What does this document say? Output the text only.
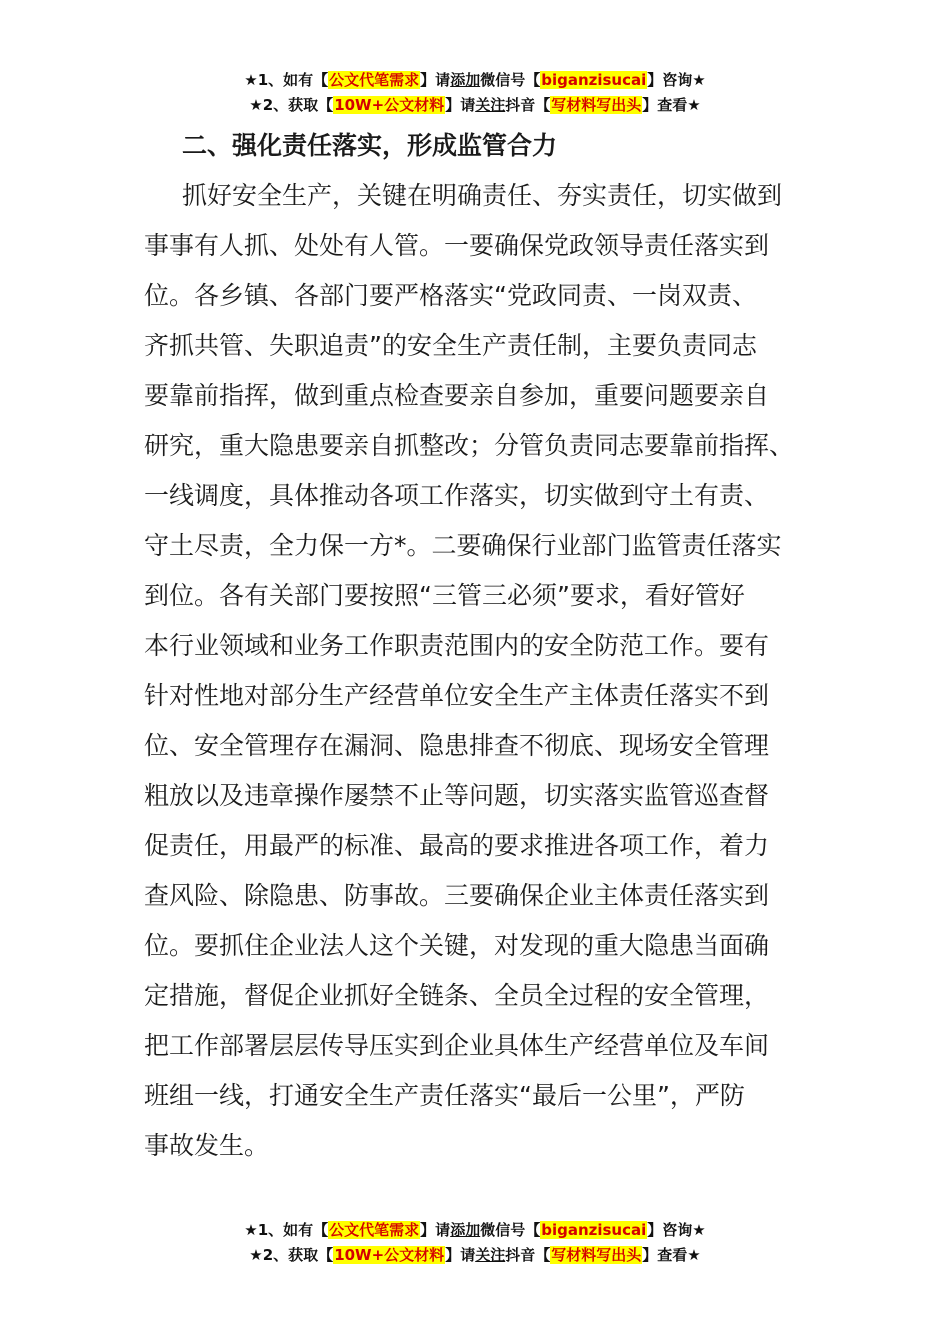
★1、如有【公文代笔需求】请添加微信号【biganzisucai】咨询★
★2、获取【10W+公文材料】请关注抖音【写材料写出头】查看★
二、强化责任落实，形成监管合力
抓好安全生产，关键在明确责任、夯实责任，切实做到
事事有人抓、处处有人管。一要确保党政领导责任落实到
位。各乡镇、各部门要严格落实“党政同责、一岗双责、
齐抓共管、失职追责”的安全生产责任制，主要负责同志
要靠前指挥，做到重点检查要亲自参加，重要问题要亲自
研究，重大隐患要亲自抓整改；分管负责同志要靠前指挥、
一线调度，具体推动各项工作落实，切实做到守土有责、
守土尽责，全力保一方*。二要确保行业部门监管责任落实
到位。各有关部门要按照“三管三必须”要求，看好管好
本行业领域和业务工作职责范围内的安全防范工作。要有
针对性地对部分生产经营单位安全生产主体责任落实不到
位、安全管理存在漏洞、隐患排查不彻底、现场安全管理
粗放以及违章操作屡禁不止等问题，切实落实监管巡查督
促责任，用最严的标准、最高的要求推进各项工作，着力
查风险、除隐患、防事故。三要确保企业主体责任落实到
位。要抓住企业法人这个关键，对发现的重大隐患当面确
定措施，督促企业抓好全链条、全员全过程的安全管理，
把工作部署层层传导压实到企业具体生产经营单位及车间
班组一线，打通安全生产责任落实“最后一公里”，严防
事故发生。
★1、如有【公文代笔需求】请添加微信号【biganzisucai】咨询★
★2、获取【10W+公文材料】请关注抖音【写材料写出头】查看★
